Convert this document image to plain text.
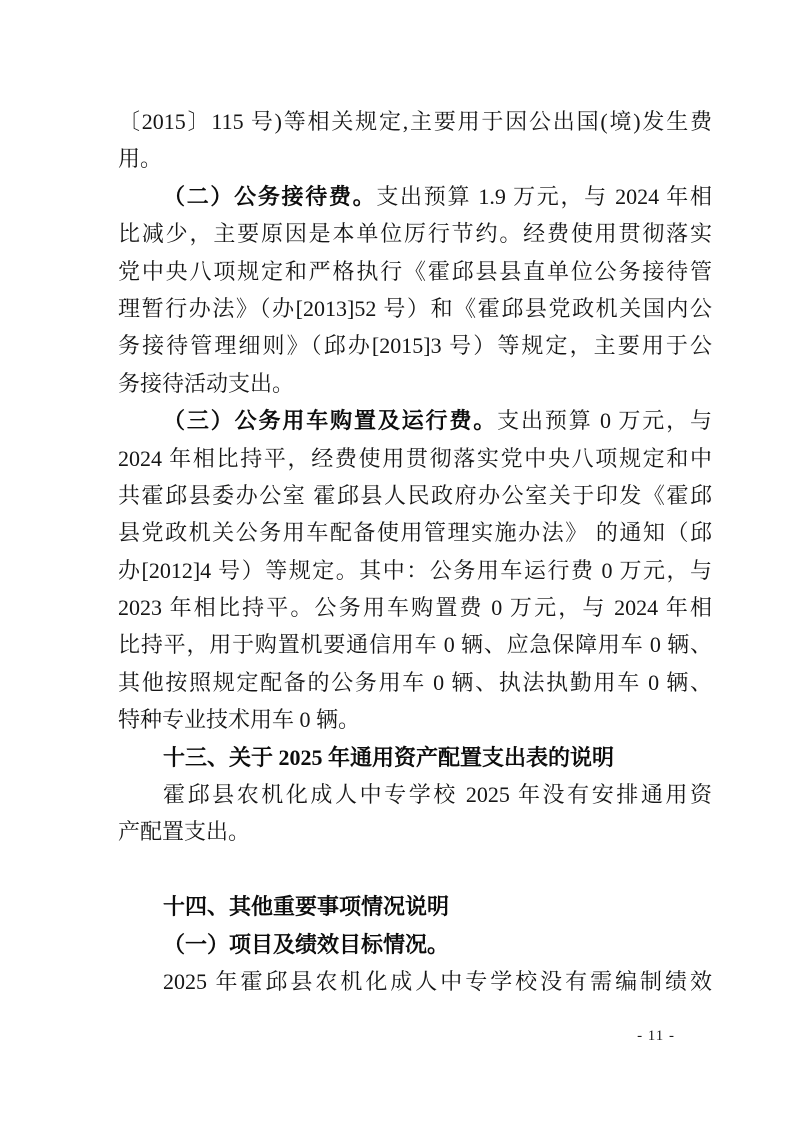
〔2015〕115 号)等相关规定,主要用于因公出国(境)发生费
用。
（二）公务接待费。支出预算 1.9 万元，与 2024 年相
比减少，主要原因是本单位厉行节约。经费使用贯彻落实
党中央八项规定和严格执行《霍邱县县直单位公务接待管
理暂行办法》（办[2013]52 号）和《霍邱县党政机关国内公
务接待管理细则》（邱办[2015]3 号）等规定，主要用于公
务接待活动支出。
（三）公务用车购置及运行费。支出预算 0 万元，与
2024 年相比持平，经费使用贯彻落实党中央八项规定和中
共霍邱县委办公室 霍邱县人民政府办公室关于印发《霍邱
县党政机关公务用车配备使用管理实施办法》 的通知（邱
办[2012]4 号）等规定。其中：公务用车运行费 0 万元，与
2023 年相比持平。公务用车购置费 0 万元，与 2024 年相
比持平，用于购置机要通信用车 0 辆、应急保障用车 0 辆、
其他按照规定配备的公务用车 0 辆、执法执勤用车 0 辆、
特种专业技术用车 0 辆。
十三、关于 2025 年通用资产配置支出表的说明
霍邱县农机化成人中专学校 2025 年没有安排通用资
产配置支出。
十四、其他重要事项情况说明
（一）项目及绩效目标情况。
2025 年霍邱县农机化成人中专学校没有需编制绩效
- 11 -
